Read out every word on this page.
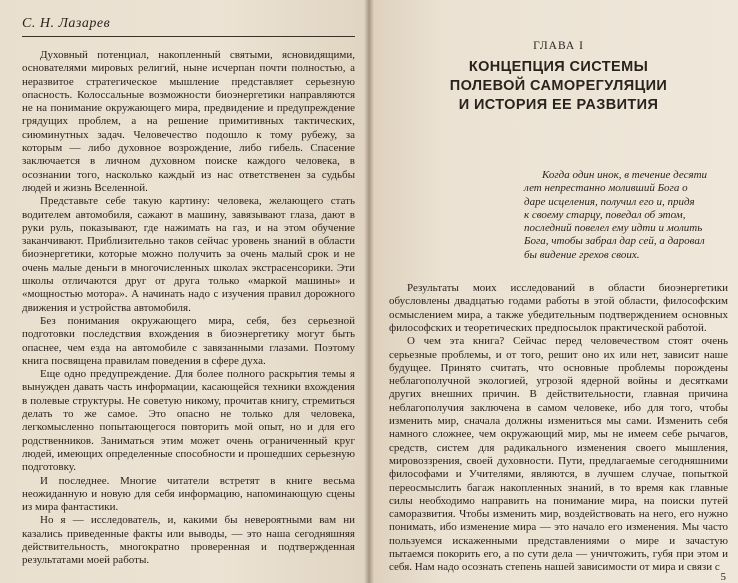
С. Н. Лазарев

Духовный потенциал, накопленный святыми, ясновидящими, основателями мировых религий, ныне исчерпан почти полностью, а неразвитое стратегическое мышление представляет серьезную опасность. Колоссальные возможности биоэнергетики направляются не на понимание окружающего мира, предвидение и предупреждение грядущих проблем, а на решение примитивных тактических, сиюминутных задач. Человечество подошло к тому рубежу, за которым — либо духовное возрождение, либо гибель. Спасение заключается в личном духовном поиске каждого человека, в осознании того, насколько каждый из нас ответственен за судьбы людей и жизнь Вселенной.

Представьте себе такую картину: человека, желающего стать водителем автомобиля, сажают в машину, завязывают глаза, дают в руки руль, показывают, где нажимать на газ, и на этом обучение заканчивают. Приблизительно таков сейчас уровень знаний в области биоэнергетики, которые можно получить за очень малый срок и не очень малые деньги в многочисленных школах экстрасенсорики. Эти школы отличаются друг от друга только «маркой машины» и «мощностью мотора». А начинать надо с изучения правил дорожного движения и устройства автомобиля.

Без понимания окружающего мира, себя, без серьезной подготовки последствия вхождения в биоэнергетику могут быть опаснее, чем езда на автомобиле с завязанными глазами. Поэтому книга посвящена правилам поведения в сфере духа.

Еще одно предупреждение. Для более полного раскрытия темы я вынужден давать часть информации, касающейся техники вхождения в полевые структуры. Не советую никому, прочитав книгу, стремиться делать то же самое. Это опасно не только для человека, легкомысленно попытающегося повторить мой опыт, но и для его родственников. Заниматься этим может очень ограниченный круг людей, имеющих определенные способности и прошедших серьезную подготовку.

И последнее. Многие читатели встретят в книге весьма неожиданную и новую для себя информацию, напоминающую сцены из мира фантастики.

Но я — исследователь, и, какими бы невероятными вам ни казались приведенные факты или выводы, — это наша сегодняшняя действительность, многократно проверенная и подтвержденная результатами моей работы.

ГЛАВА I
КОНЦЕПЦИЯ СИСТЕМЫ
ПОЛЕВОЙ САМОРЕГУЛЯЦИИ
И ИСТОРИЯ ЕЕ РАЗВИТИЯ
Когда один инок, в течение десяти
лет непрестанно моливший Бога о
даре исцеления, получил его и, придя
к своему старцу, поведал об этом,
последний повелел ему идти и молить
Бога, чтобы забрал дар сей, а даровал
бы видение грехов своих.

Результаты моих исследований в области биоэнергетики обусловлены двадцатью годами работы в этой области, философским осмыслением мира, а также убедительным подтверждением основных философских и теоретических предпосылок практической работой.

О чем эта книга? Сейчас перед человечеством стоят очень серьезные проблемы, и от того, решит оно их или нет, зависит наше будущее. Принято считать, что основные проблемы порождены неблагополучной экологией, угрозой ядерной войны и десятками других внешних причин. В действительности, главная причина неблагополучия заключена в самом человеке, ибо для того, чтобы изменить мир, сначала должны измениться мы сами. Изменить себя намного сложнее, чем окружающий мир, мы не имеем себе рычагов, средств, систем для радикального изменения своего мышления, мировоззрения, своей духовности. Пути, предлагаемые сегодняшними философами и Учителями, являются, в лучшем случае, попыткой переосмыслить багаж накопленных знаний, в то время как главные силы необходимо направить на понимание мира, на поиски путей саморазвития. Чтобы изменить мир, воздействовать на него, его нужно понимать, ибо изменение мира — это начало его изменения. Мы часто пользуемся искаженными представлениями о мире и зачастую пытаемся покорить его, а по сути дела — уничтожить, губя при этом и себя. Нам надо осознать степень нашей зависимости от мира и связи с

5
